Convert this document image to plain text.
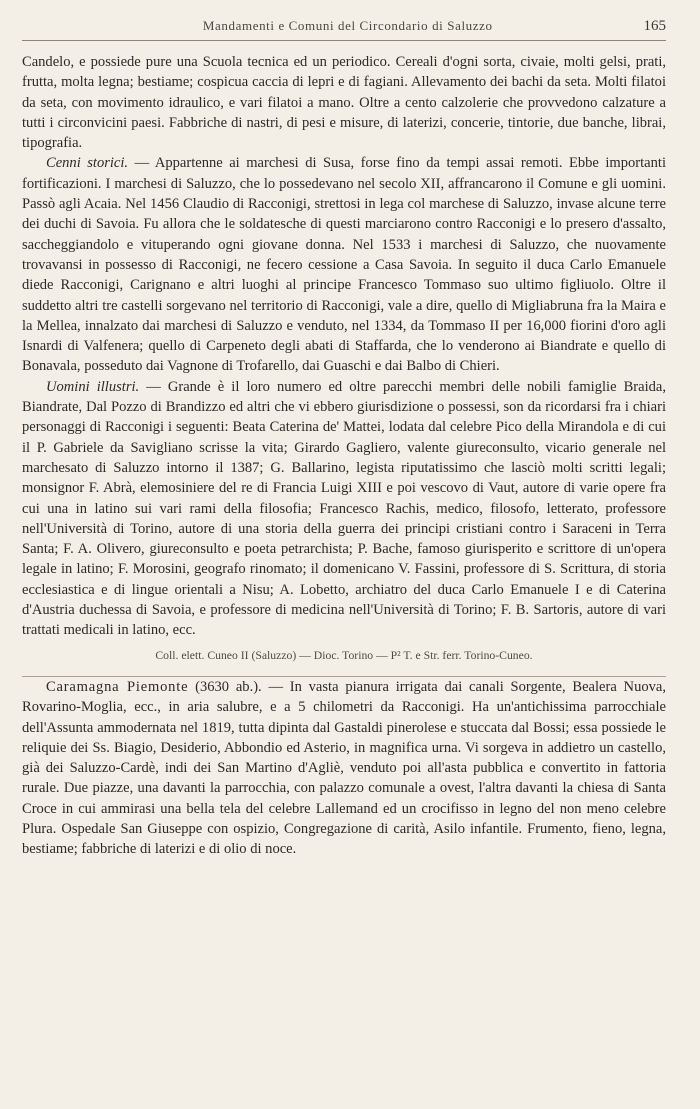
Mandamenti e Comuni del Circondario di Saluzzo	165

Candelo, e possiede pure una Scuola tecnica ed un periodico. Cereali d'ogni sorta, civaie, molti gelsi, prati, frutta, molta legna; bestiame; cospicua caccia di lepri e di fagiani. Allevamento dei bachi da seta. Molti filatoi da seta, con movimento idraulico, e vari filatoi a mano. Oltre a cento calzolerie che provvedono calzature a tutti i circonvicini paesi. Fabbriche di nastri, di pesi e misure, di laterizi, concerie, tintorie, due banche, librai, tipografia.

Cenni storici. — Appartenne ai marchesi di Susa, forse fino da tempi assai remoti. Ebbe importanti fortificazioni. I marchesi di Saluzzo, che lo possedevano nel secolo XII, affrancarono il Comune e gli uomini. Passò agli Acaia. Nel 1456 Claudio di Racconigi, strettosi in lega col marchese di Saluzzo, invase alcune terre dei duchi di Savoia. Fu allora che le soldatesche di questi marciarono contro Racconigi e lo presero d'assalto, saccheggiandolo e vituperando ogni giovane donna. Nel 1533 i marchesi di Saluzzo, che nuovamente trovavansi in possesso di Racconigi, ne fecero cessione a Casa Savoia. In seguito il duca Carlo Emanuele diede Racconigi, Carignano e altri luoghi al principe Francesco Tommaso suo ultimo figliuolo. Oltre il suddetto altri tre castelli sorgevano nel territorio di Racconigi, vale a dire, quello di Migliabruna fra la Maira e la Mellea, innalzato dai marchesi di Saluzzo e venduto, nel 1334, da Tommaso II per 16,000 fiorini d'oro agli Isnardi di Valfenera; quello di Carpeneto degli abati di Staffarda, che lo venderono ai Biandrate e quello di Bonavala, posseduto dai Vagnone di Trofarello, dai Guaschi e dai Balbo di Chieri.

Uomini illustri. — Grande è il loro numero ed oltre parecchi membri delle nobili famiglie Braida, Biandrate, Dal Pozzo di Brandizzo ed altri che vi ebbero giurisdizione o possessi, son da ricordarsi fra i chiari personaggi di Racconigi i seguenti: Beata Caterina de' Mattei, lodata dal celebre Pico della Mirandola e di cui il P. Gabriele da Savigliano scrisse la vita; Girardo Gagliero, valente giureconsulto, vicario generale nel marchesato di Saluzzo intorno il 1387; G. Ballarino, legista riputatissimo che lasciò molti scritti legali; monsignor F. Abrà, elemosiniere del re di Francia Luigi XIII e poi vescovo di Vaut, autore di varie opere fra cui una in latino sui vari rami della filosofia; Francesco Rachis, medico, filosofo, letterato, professore nell'Università di Torino, autore di una storia della guerra dei principi cristiani contro i Saraceni in Terra Santa; F. A. Olivero, giureconsulto e poeta petrarchista; P. Bache, famoso giurisperito e scrittore di un'opera legale in latino; F. Morosini, geografo rinomato; il domenicano V. Fassini, professore di S. Scrittura, di storia ecclesiastica e di lingue orientali a Nisu; A. Lobetto, archiatro del duca Carlo Emanuele I e di Caterina d'Austria duchessa di Savoia, e professore di medicina nell'Università di Torino; F. B. Sartoris, autore di vari trattati medicali in latino, ecc.

Coll. elett. Cuneo II (Saluzzo) — Dioc. Torino — P² T. e Str. ferr. Torino-Cuneo.

Caramagna Piemonte (3630 ab.). — In vasta pianura irrigata dai canali Sorgente, Bealera Nuova, Rovarino-Moglia, ecc., in aria salubre, e a 5 chilometri da Racconigi. Ha un'antichissima parrocchiale dell'Assunta ammodernata nel 1819, tutta dipinta dal Gastaldi pinerolese e stuccata dal Bossi; essa possiede le reliquie dei Ss. Biagio, Desiderio, Abbondio ed Asterio, in magnifica urna. Vi sorgeva in addietro un castello, già dei Saluzzo-Cardè, indi dei San Martino d'Agliè, venduto poi all'asta pubblica e convertito in fattoria rurale. Due piazze, una davanti la parrocchia, con palazzo comunale a ovest, l'altra davanti la chiesa di Santa Croce in cui ammirasi una bella tela del celebre Lallemand ed un crocifisso in legno del non meno celebre Plura. Ospedale San Giuseppe con ospizio, Congregazione di carità, Asilo infantile. Frumento, fieno, legna, bestiame; fabbriche di laterizi e di olio di noce.
